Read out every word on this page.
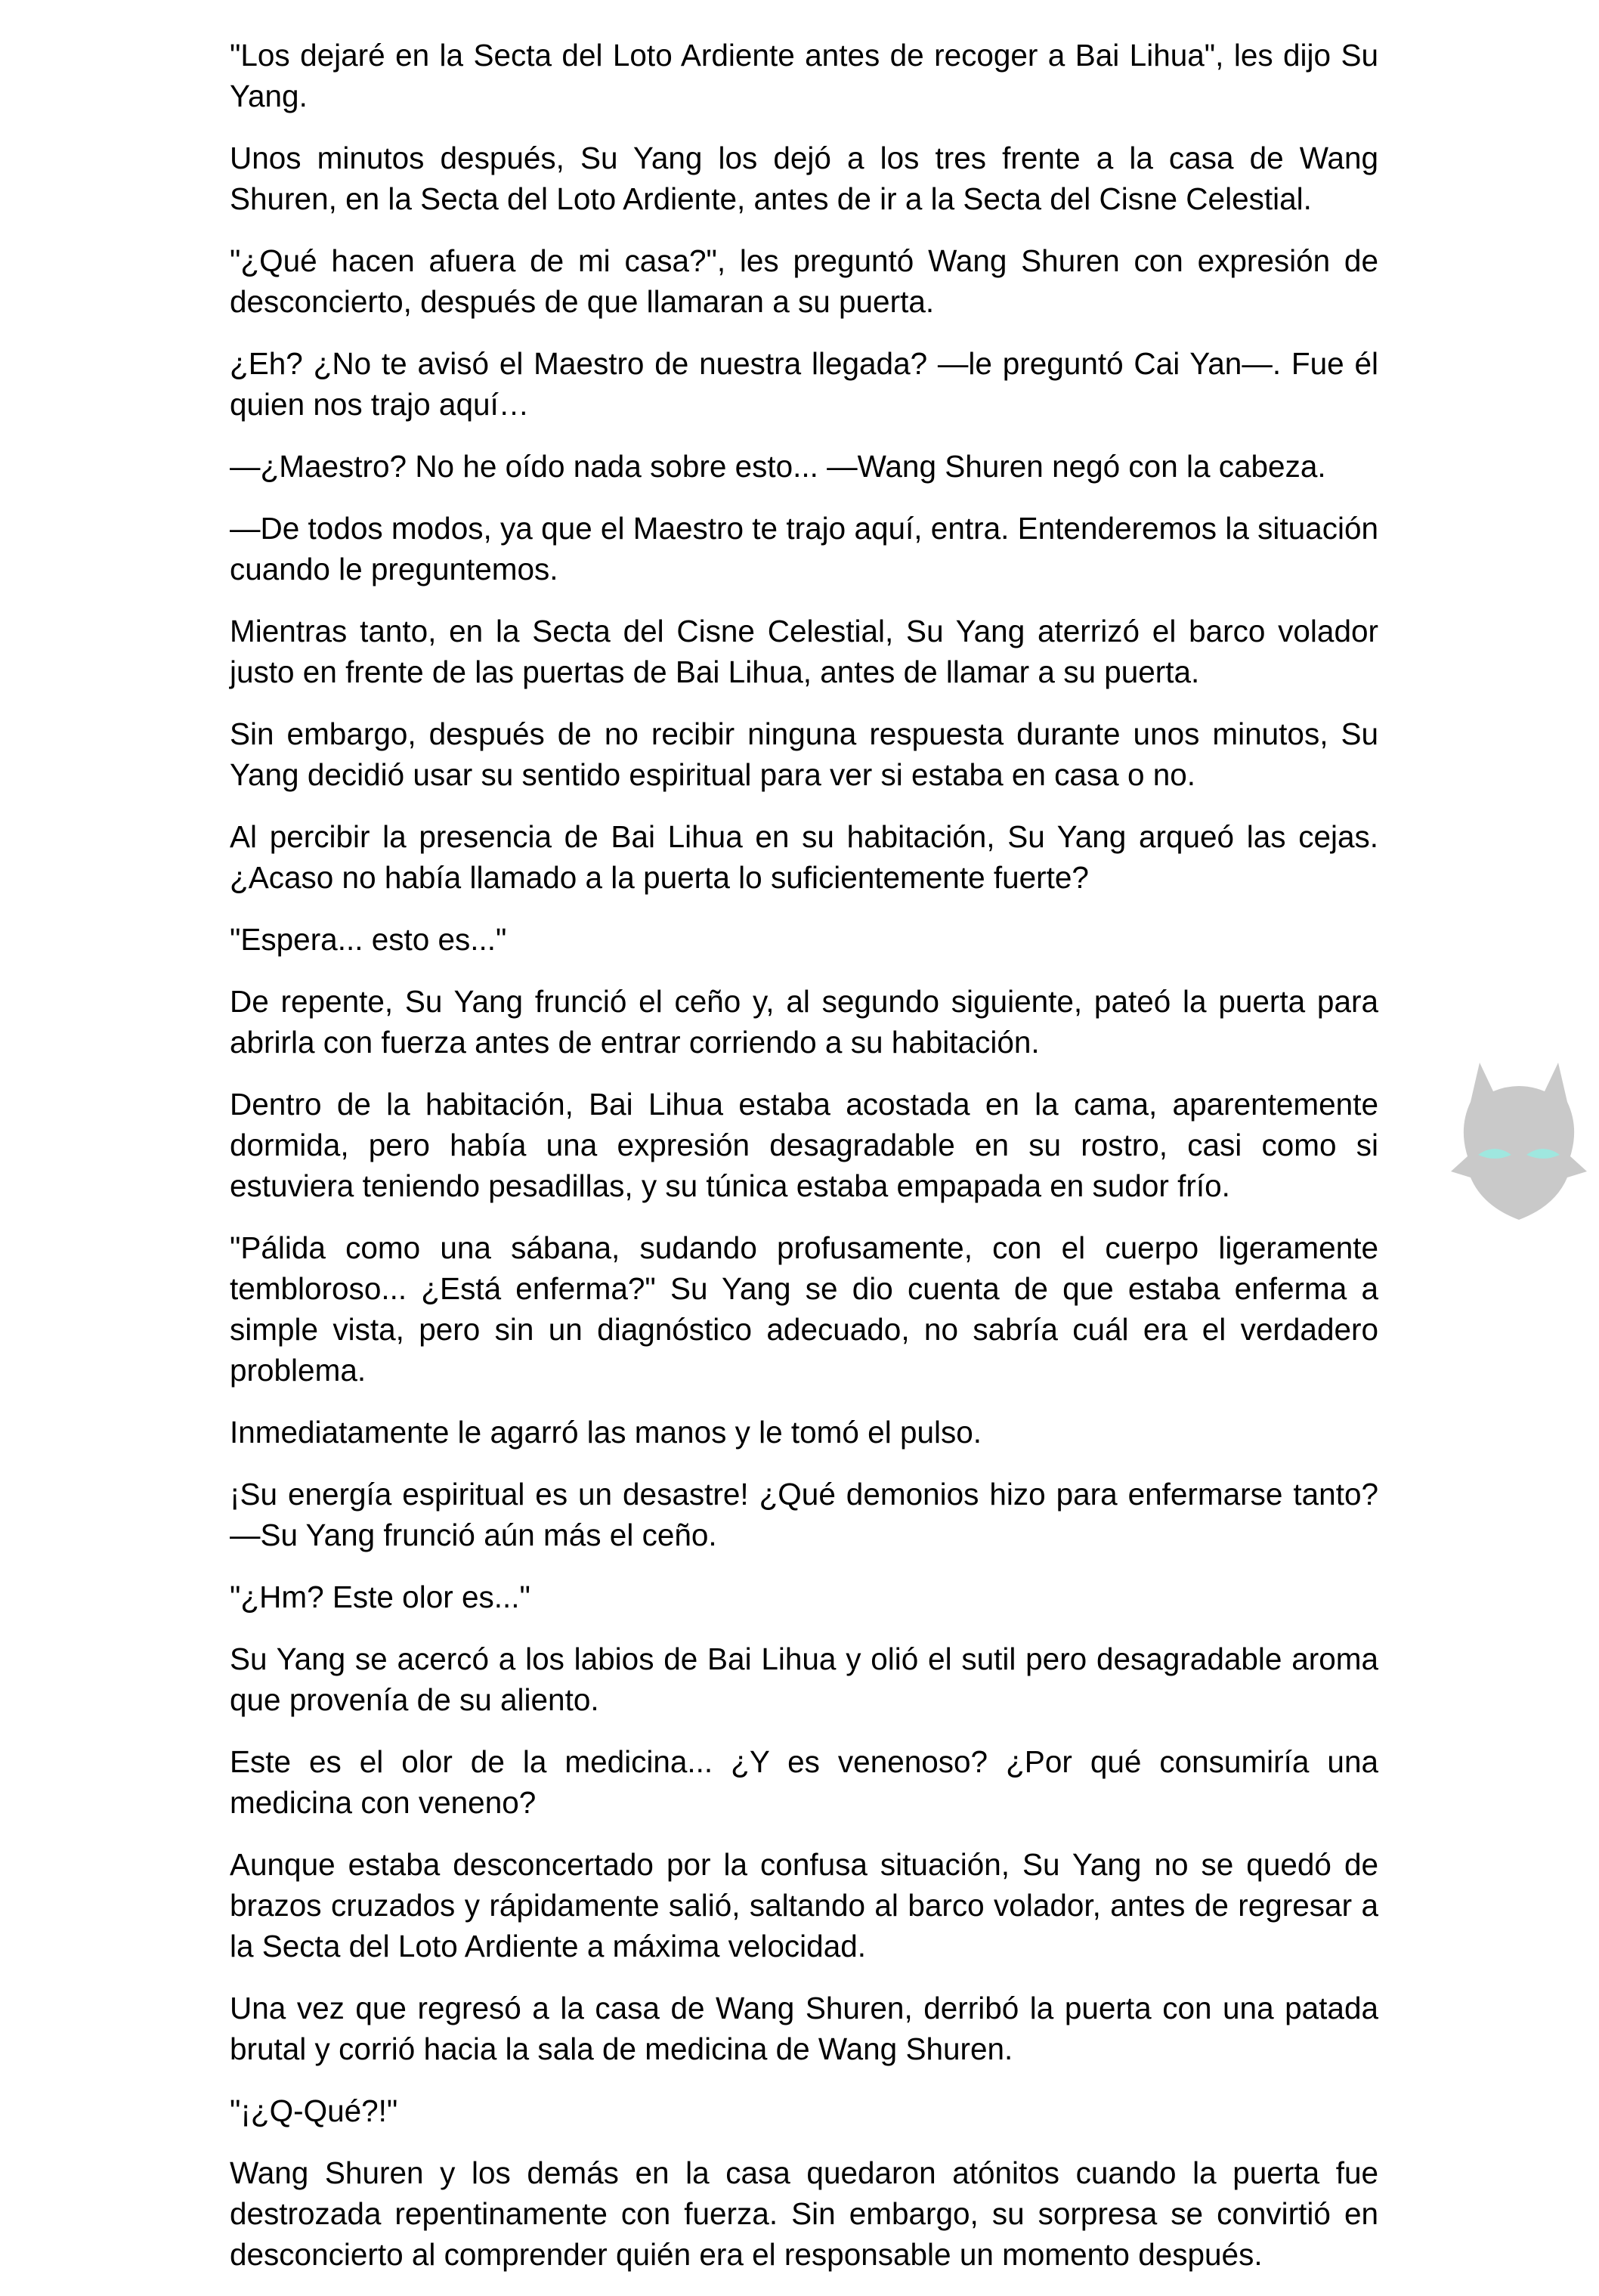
"Los dejaré en la Secta del Loto Ardiente antes de recoger a Bai Lihua", les dijo Su Yang.

Unos minutos después, Su Yang los dejó a los tres frente a la casa de Wang Shuren, en la Secta del Loto Ardiente, antes de ir a la Secta del Cisne Celestial.

"¿Qué hacen afuera de mi casa?", les preguntó Wang Shuren con expresión de desconcierto, después de que llamaran a su puerta.

¿Eh? ¿No te avisó el Maestro de nuestra llegada? —le preguntó Cai Yan—. Fue él quien nos trajo aquí…

—¿Maestro? No he oído nada sobre esto... —Wang Shuren negó con la cabeza.

—De todos modos, ya que el Maestro te trajo aquí, entra. Entenderemos la situación cuando le preguntemos.

Mientras tanto, en la Secta del Cisne Celestial, Su Yang aterrizó el barco volador justo en frente de las puertas de Bai Lihua, antes de llamar a su puerta.

Sin embargo, después de no recibir ninguna respuesta durante unos minutos, Su Yang decidió usar su sentido espiritual para ver si estaba en casa o no.

Al percibir la presencia de Bai Lihua en su habitación, Su Yang arqueó las cejas. ¿Acaso no había llamado a la puerta lo suficientemente fuerte?

"Espera... esto es..."

De repente, Su Yang frunció el ceño y, al segundo siguiente, pateó la puerta para abrirla con fuerza antes de entrar corriendo a su habitación.

Dentro de la habitación, Bai Lihua estaba acostada en la cama, aparentemente dormida, pero había una expresión desagradable en su rostro, casi como si estuviera teniendo pesadillas, y su túnica estaba empapada en sudor frío.

"Pálida como una sábana, sudando profusamente, con el cuerpo ligeramente tembloroso... ¿Está enferma?" Su Yang se dio cuenta de que estaba enferma a simple vista, pero sin un diagnóstico adecuado, no sabría cuál era el verdadero problema.

Inmediatamente le agarró las manos y le tomó el pulso.

¡Su energía espiritual es un desastre! ¿Qué demonios hizo para enfermarse tanto? —Su Yang frunció aún más el ceño.

"¿Hm? Este olor es..."

Su Yang se acercó a los labios de Bai Lihua y olió el sutil pero desagradable aroma que provenía de su aliento.

Este es el olor de la medicina... ¿Y es venenoso? ¿Por qué consumiría una medicina con veneno?

Aunque estaba desconcertado por la confusa situación, Su Yang no se quedó de brazos cruzados y rápidamente salió, saltando al barco volador, antes de regresar a la Secta del Loto Ardiente a máxima velocidad.

Una vez que regresó a la casa de Wang Shuren, derribó la puerta con una patada brutal y corrió hacia la sala de medicina de Wang Shuren.

"¡¿Q-Qué?!"

Wang Shuren y los demás en la casa quedaron atónitos cuando la puerta fue destrozada repentinamente con fuerza. Sin embargo, su sorpresa se convirtió en desconcierto al comprender quién era el responsable un momento después.
